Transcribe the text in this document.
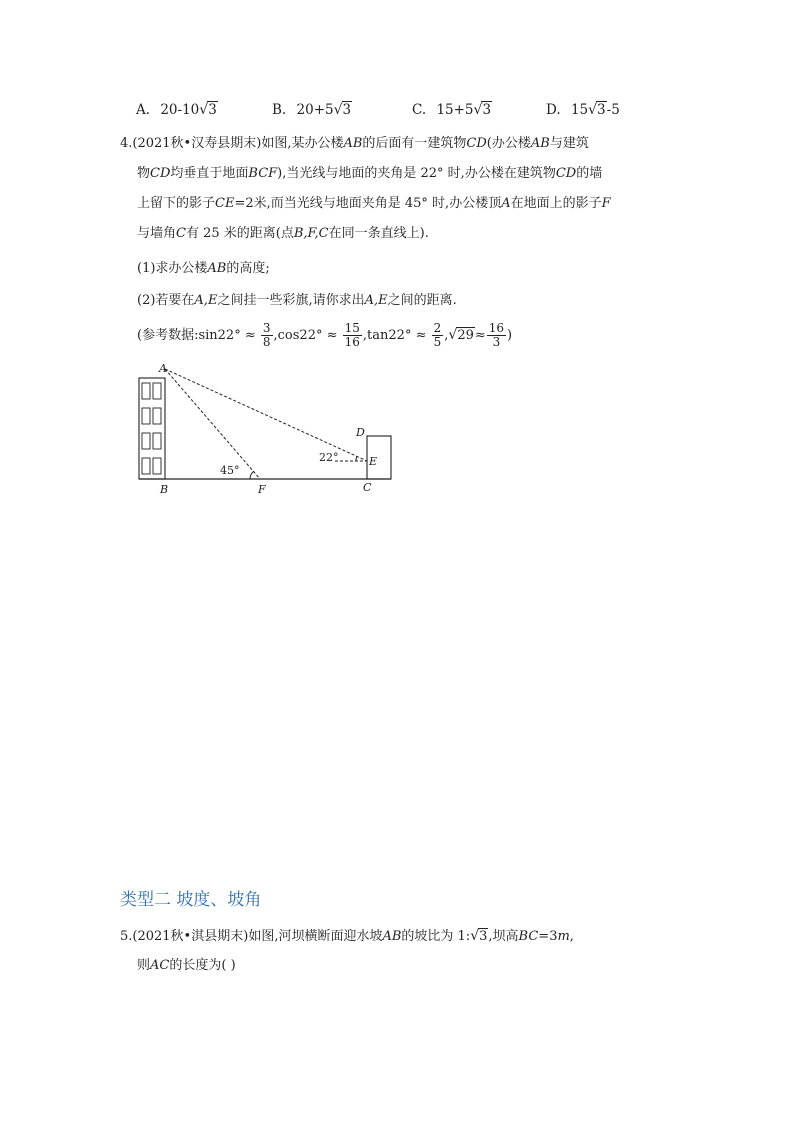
A. 20-10√3	B. 20+5√3	C. 15+5√3	D. 15√3-5
4.(2021秋•汉寿县期末)如图,某办公楼AB的后面有一建筑物CD(办公楼AB与建筑
物CD均垂直于地面BCF),当光线与地面的夹角是 22° 时,办公楼在建筑物CD的墙
上留下的影子CE=2米,而当光线与地面夹角是 45° 时,办公楼顶A在地面上的影子F
与墙角C有 25 米的距离(点B,F,C在同一条直线上).
(1)求办公楼AB的高度;
(2)若要在A,E之间挂一些彩旗,请你求出A,E之间的距离.
(参考数据:sin22° ≈ $\frac{3}{8} ,\cos 22^\circ \approx \frac{15}{16} ,\tan 22^\circ \approx \frac{2}{5} ,√29\approx \frac{16}{3}$ )
A
B	C
D
E
F
45°
22°
类型二 坡度、坡角
5.(2021秋•淇县期末)如图,河坝横断面迎水坡AB的坡比为 1:√3,坝高BC=3m,
则AC的长度为( )
